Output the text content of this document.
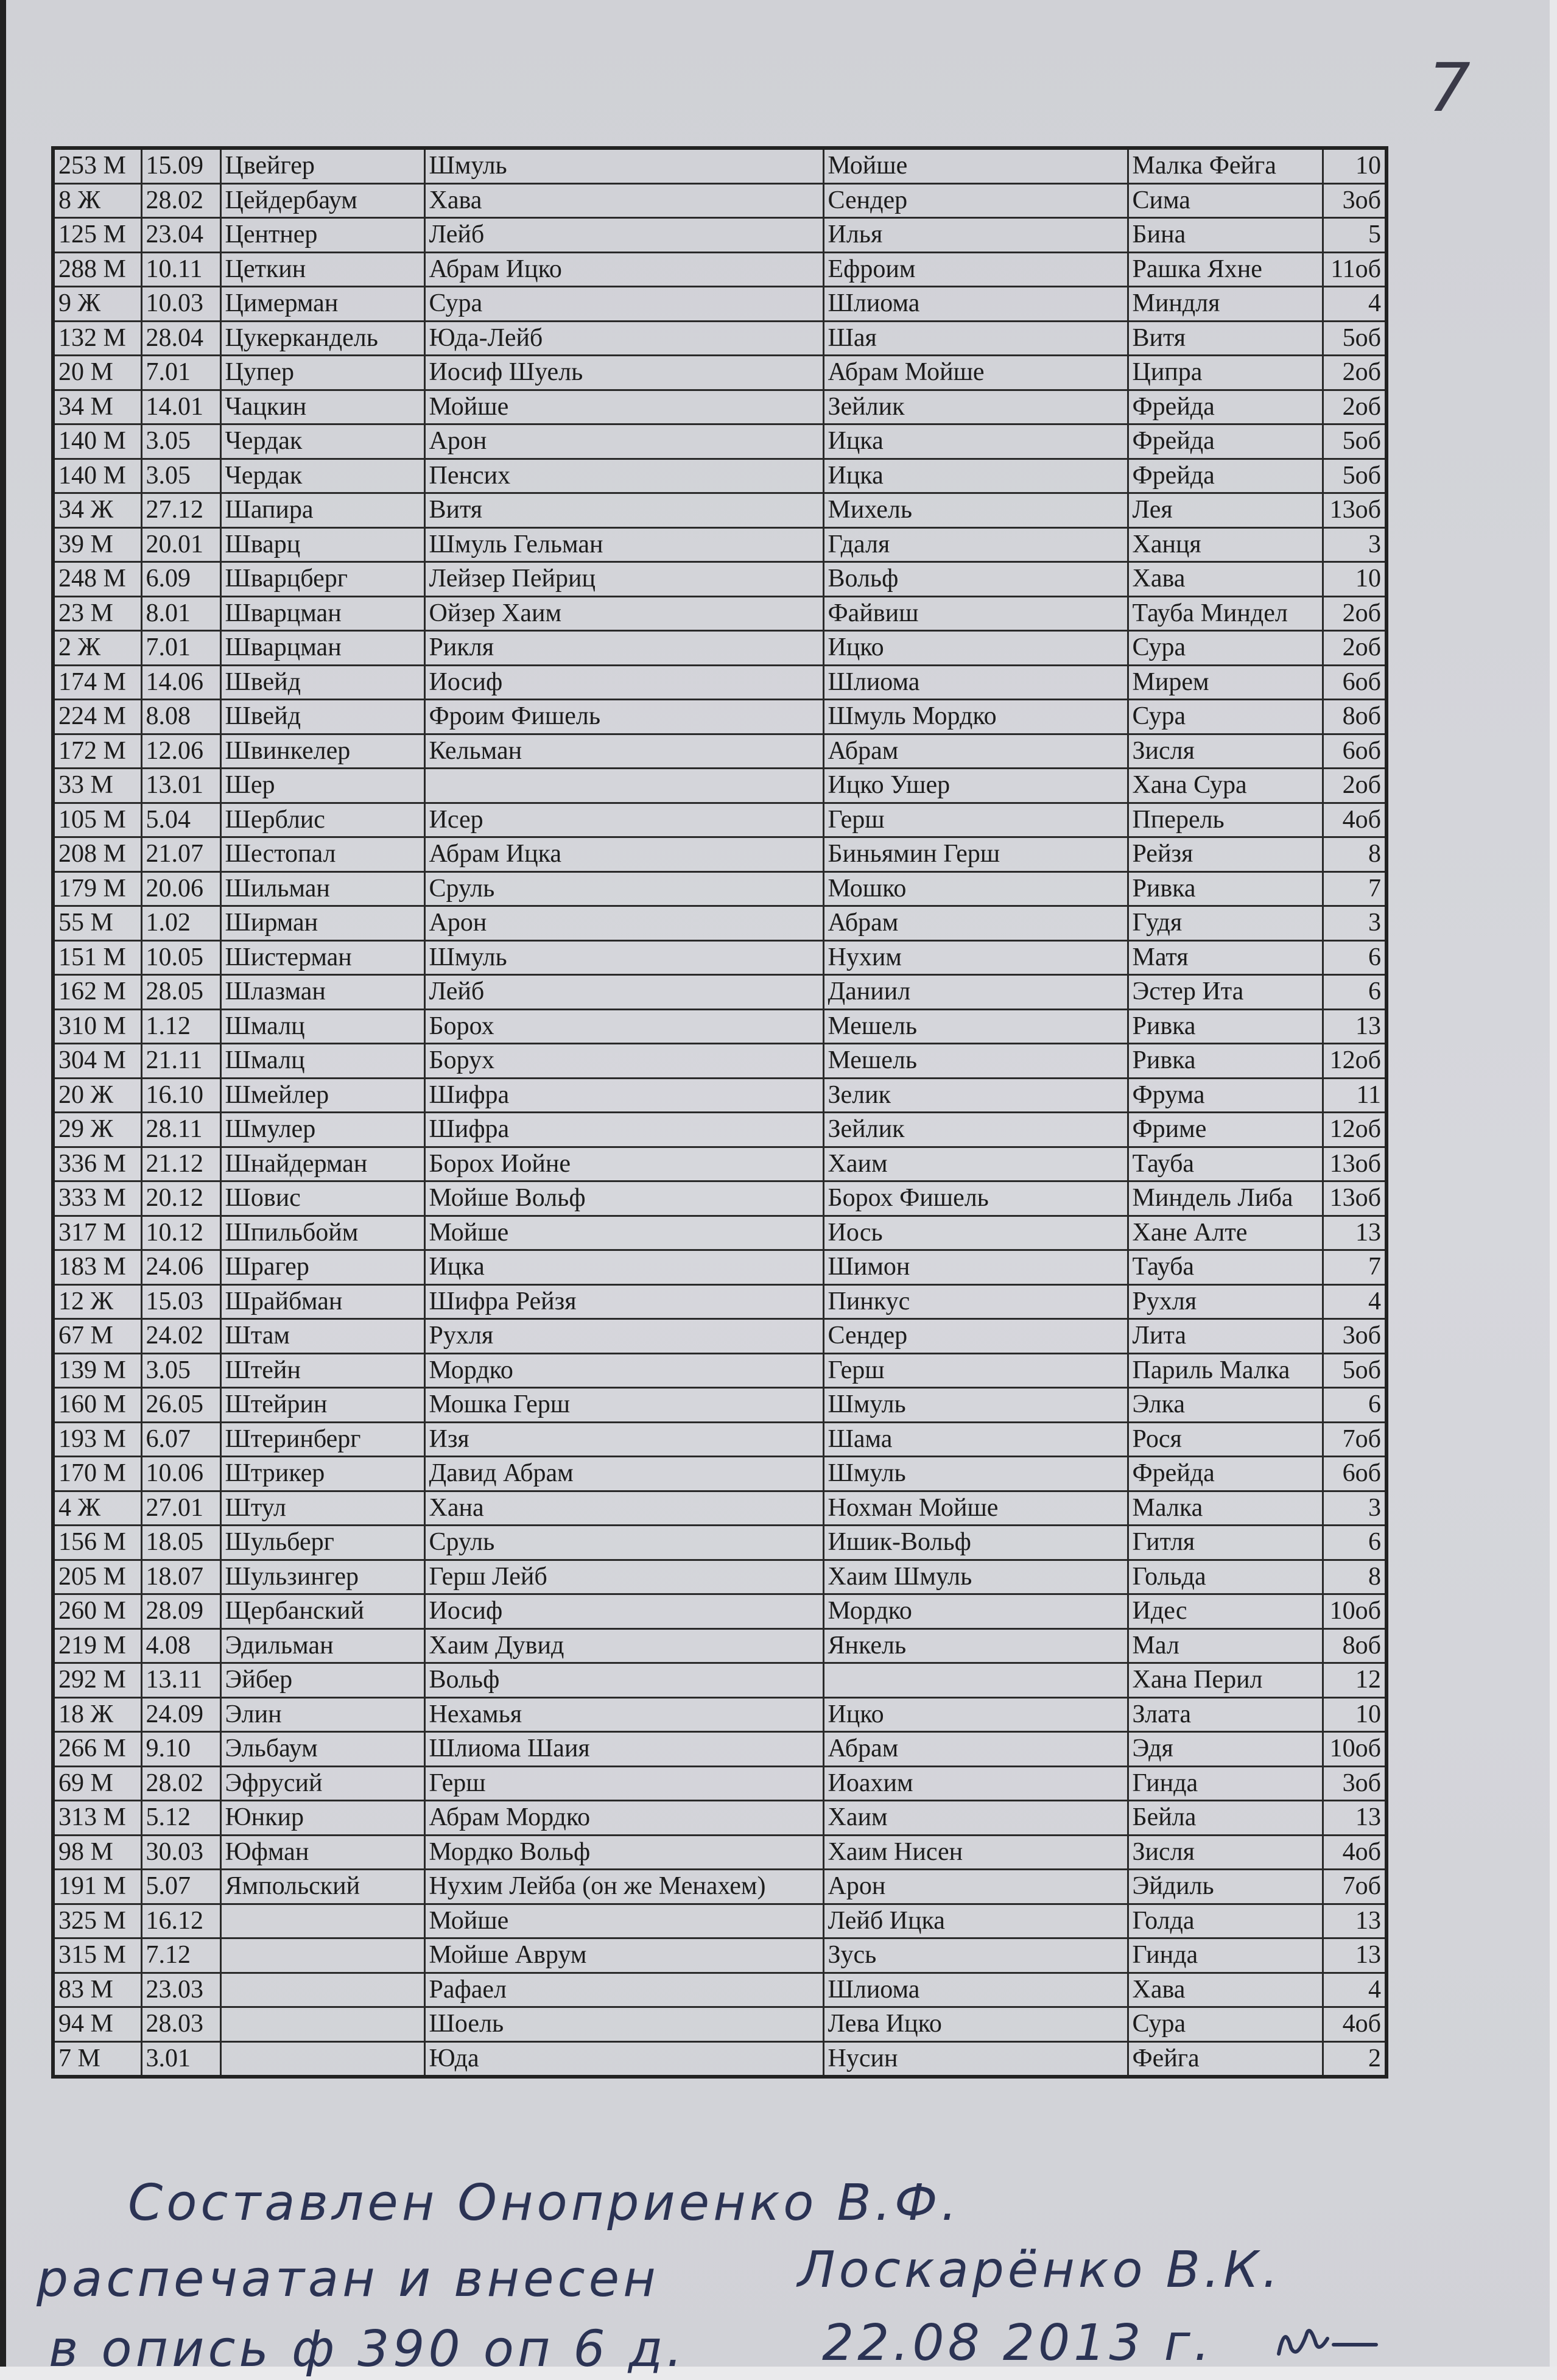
7
253 М	15.09	Цвейгер	Шмуль	Мойше	Малка Фейга	10
8 Ж	28.02	Цейдербаум	Хава	Сендер	Сима	3об
125 М	23.04	Центнер	Лейб	Илья	Бина	5
288 М	10.11	Цеткин	Абрам Ицко	Ефроим	Рашка Яхне	11об
9 Ж	10.03	Цимерман	Сура	Шлиома	Миндля	4
132 М	28.04	Цукеркандель	Юда-Лейб	Шая	Витя	5об
20 М	7.01	Цупер	Иосиф Шуель	Абрам Мойше	Ципра	2об
34 М	14.01	Чацкин	Мойше	Зейлик	Фрейда	2об
140 М	3.05	Чердак	Арон	Ицка	Фрейда	5об
140 М	3.05	Чердак	Пенсих	Ицка	Фрейда	5об
34 Ж	27.12	Шапира	Витя	Михель	Лея	13об
39 М	20.01	Шварц	Шмуль Гельман	Гдаля	Ханця	3
248 М	6.09	Шварцберг	Лейзер Пейриц	Вольф	Хава	10
23 М	8.01	Шварцман	Ойзер Хаим	Файвиш	Тауба Миндел	2об
2 Ж	7.01	Шварцман	Рикля	Ицко	Сура	2об
174 М	14.06	Швейд	Иосиф	Шлиома	Мирем	6об
224 М	8.08	Швейд	Фроим Фишель	Шмуль Мордко	Сура	8об
172 М	12.06	Швинкелер	Кельман	Абрам	Зисля	6об
33 М	13.01	Шер		Ицко Ушер	Хана Сура	2об
105 М	5.04	Шерблис	Исер	Герш	Пперель	4об
208 М	21.07	Шестопал	Абрам Ицка	Биньямин Герш	Рейзя	8
179 М	20.06	Шильман	Сруль	Мошко	Ривка	7
55 М	1.02	Ширман	Арон	Абрам	Гудя	3
151 М	10.05	Шистерман	Шмуль	Нухим	Матя	6
162 М	28.05	Шлазман	Лейб	Даниил	Эстер Ита	6
310 М	1.12	Шмалц	Борох	Мешель	Ривка	13
304 М	21.11	Шмалц	Борух	Мешель	Ривка	12об
20 Ж	16.10	Шмейлер	Шифра	Зелик	Фрума	11
29 Ж	28.11	Шмулер	Шифра	Зейлик	Фриме	12об
336 М	21.12	Шнайдерман	Борох Иойне	Хаим	Тауба	13об
333 М	20.12	Шовис	Мойше Вольф	Борох Фишель	Миндель Либа	13об
317 М	10.12	Шпильбойм	Мойше	Иось	Хане Алте	13
183 М	24.06	Шрагер	Ицка	Шимон	Тауба	7
12 Ж	15.03	Шрайбман	Шифра Рейзя	Пинкус	Рухля	4
67 М	24.02	Штам	Рухля	Сендер	Лита	3об
139 М	3.05	Штейн	Мордко	Герш	Париль Малка	5об
160 М	26.05	Штейрин	Мошка Герш	Шмуль	Элка	6
193 М	6.07	Штеринберг	Изя	Шама	Роcя	7об
170 М	10.06	Штрикер	Давид Абрам	Шмуль	Фрейда	6об
4 Ж	27.01	Штул	Хана	Нохман Мойше	Малка	3
156 М	18.05	Шульберг	Сруль	Ишик-Вольф	Гитля	6
205 М	18.07	Шульзингер	Герш Лейб	Хаим Шмуль	Гольда	8
260 М	28.09	Щербанский	Иосиф	Мордко	Идес	10об
219 М	4.08	Эдильман	Хаим Дувид	Янкель	Мал	8об
292 М	13.11	Эйбер	Вольф		Хана Перил	12
18 Ж	24.09	Элин	Нехамья	Ицко	Злата	10
266 М	9.10	Эльбаум	Шлиома Шаия	Абрам	Эдя	10об
69 М	28.02	Эфрусий	Герш	Иоахим	Гинда	3об
313 М	5.12	Юнкир	Абрам Мордко	Хаим	Бейла	13
98 М	30.03	Юфман	Мордко Вольф	Хаим Нисен	Зисля	4об
191 М	5.07	Ямпольский	Нухим Лейба (он же Менахем)	Арон	Эйдиль	7об
325 М	16.12		Мойше	Лейб Ицка	Голда	13
315 М	7.12		Мойше Аврум	Зусь	Гинда	13
83 М	23.03		Рафаел	Шлиома	Хава	4
94 М	28.03		Шоель	Лева Ицко	Сура	4об
7 М	3.01		Юда	Нусин	Фейга	2
Составлен Оноприенко В.Ф.
распечатан и внесен	Лоскарёнко В.К.
в опись ф 390 оп 6 д.	22.08 2013 г.
